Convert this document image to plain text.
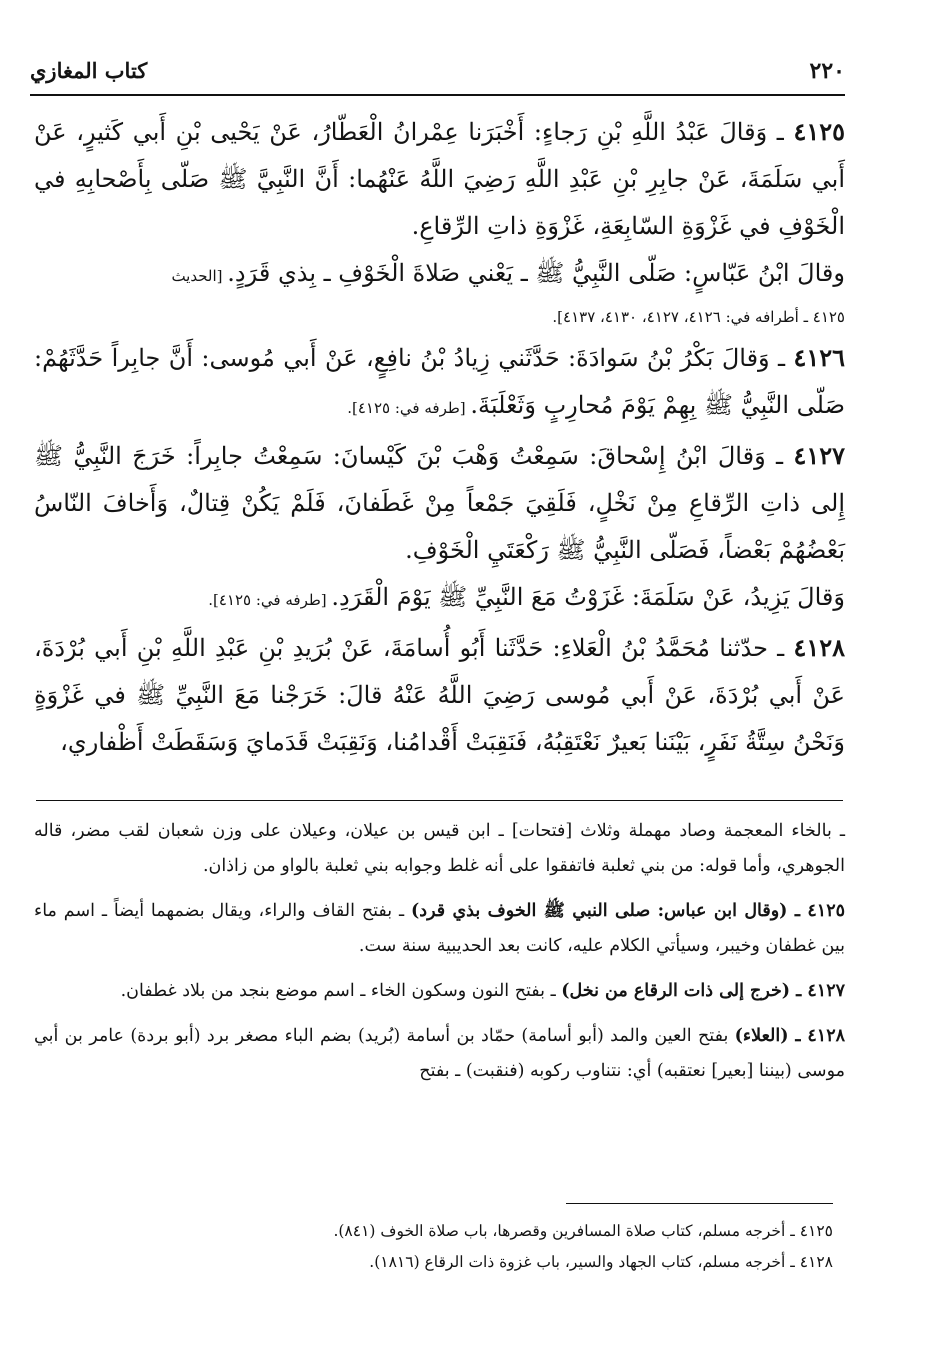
٢٢٠
كتاب المغازي

٤١٢٥ ـ وَقالَ عَبْدُ اللَّهِ بْنِ رَجاءٍ: أَخْبَرَنا عِمْرانُ الْعَطّارُ، عَنْ يَحْيى بْنِ أَبي كَثيرٍ، عَنْ أَبي سَلَمَةَ، عَنْ جابِرِ بْنِ عَبْدِ اللَّهِ رَضِيَ اللَّهُ عَنْهُما: أَنَّ النَّبِيَّ ﷺ صَلّى بِأَصْحابِهِ في الْخَوْفِ في غَزْوَةِ السّابِعَةِ، غَزْوَةِ ذاتِ الرِّقاعِ.

وقالَ ابْنُ عَبّاسٍ: صَلّى النَّبِيُّ ﷺ ـ يَعْني صَلاةَ الْخَوْفِ ـ بِذي قَرَدٍ. [الحديث

٤١٢٥ ـ أطرافه في: ٤١٢٦، ٤١٢٧، ٤١٣٠، ٤١٣٧].

٤١٢٦ ـ وَقالَ بَكْرُ بْنُ سَوادَةَ: حَدَّثَني زِيادُ بْنُ نافِعٍ، عَنْ أَبي مُوسى: أَنَّ جابِراً حَدَّثَهُمْ: صَلّى النَّبِيُّ ﷺ بِهِمْ يَوْمَ مُحارِبٍ وَثَعْلَبَةَ. [طرفه في: ٤١٢٥].

٤١٢٧ ـ وَقالَ ابْنُ إِسْحاقَ: سَمِعْتُ وَهْبَ بْنَ كَيْسانَ: سَمِعْتُ جابِراً: خَرَجَ النَّبِيُّ ﷺ إِلى ذاتِ الرِّقاعِ مِنْ نَخْلٍ، فَلَقِيَ جَمْعاً مِنْ غَطَفانَ، فَلَمْ يَكُنْ قِتالٌ، وَأَخافَ النّاسُ بَعْضُهُمْ بَعْضاً، فَصَلّى النَّبِيُّ ﷺ رَكْعَتَيِ الْخَوْفِ.

وَقالَ يَزِيدُ، عَنْ سَلَمَةَ: غَزَوْتُ مَعَ النَّبِيِّ ﷺ يَوْمَ الْقَرَدِ. [طرفه في: ٤١٢٥].

٤١٢٨ ـ حدّثنا مُحَمَّدُ بْنُ الْعَلاءِ: حَدَّثَنا أَبُو أُسامَةَ، عَنْ بُرَيدِ بْنِ عَبْدِ اللَّهِ بْنِ أَبي بُرْدَةَ، عَنْ أَبي بُرْدَةَ، عَنْ أَبي مُوسى رَضِيَ اللَّهُ عَنْهُ قالَ: خَرَجْنا مَعَ النَّبِيِّ ﷺ في غَزْوَةٍ وَنَحْنُ سِتَّةُ نَفَرٍ، بَيْنَنا بَعيرٌ نَعْتَقِبُهُ، فَنَقِبَتْ أَقْدامُنا، وَنَقِبَتْ قَدَمايَ وَسَقَطَتْ أَظْفاري،

ـ بالخاء المعجمة وصاد مهملة وثلاث [فتحات] ـ ابن قيس بن عيلان، وعيلان على وزن شعبان لقب مضر، قاله الجوهري، وأما قوله: من بني ثعلبة فاتفقوا على أنه غلط وجوابه بني ثعلبة بالواو من زاذان.

٤١٢٥ ـ (وقال ابن عباس: صلى النبي ﷺ الخوف بذي قرد) ـ بفتح القاف والراء، ويقال بضمهما أيضاً ـ اسم ماء بين غطفان وخيبر، وسيأتي الكلام عليه، كانت بعد الحديبية سنة ست.

٤١٢٧ ـ (خرج إلى ذات الرقاع من نخل) ـ بفتح النون وسكون الخاء ـ اسم موضع بنجد من بلاد غطفان.

٤١٢٨ ـ (العلاء) بفتح العين والمد (أبو أسامة) حمّاد بن أسامة (بُريد) بضم الباء مصغر برد (أبو بردة) عامر بن أبي موسى (بيننا [بعير] نعتقبه) أي: نتناوب ركوبه (فنقبت) ـ بفتح

٤١٢٥ ـ أخرجه مسلم، كتاب صلاة المسافرين وقصرها، باب صلاة الخوف (٨٤١).

٤١٢٨ ـ أخرجه مسلم، كتاب الجهاد والسير، باب غزوة ذات الرقاع (١٨١٦).
